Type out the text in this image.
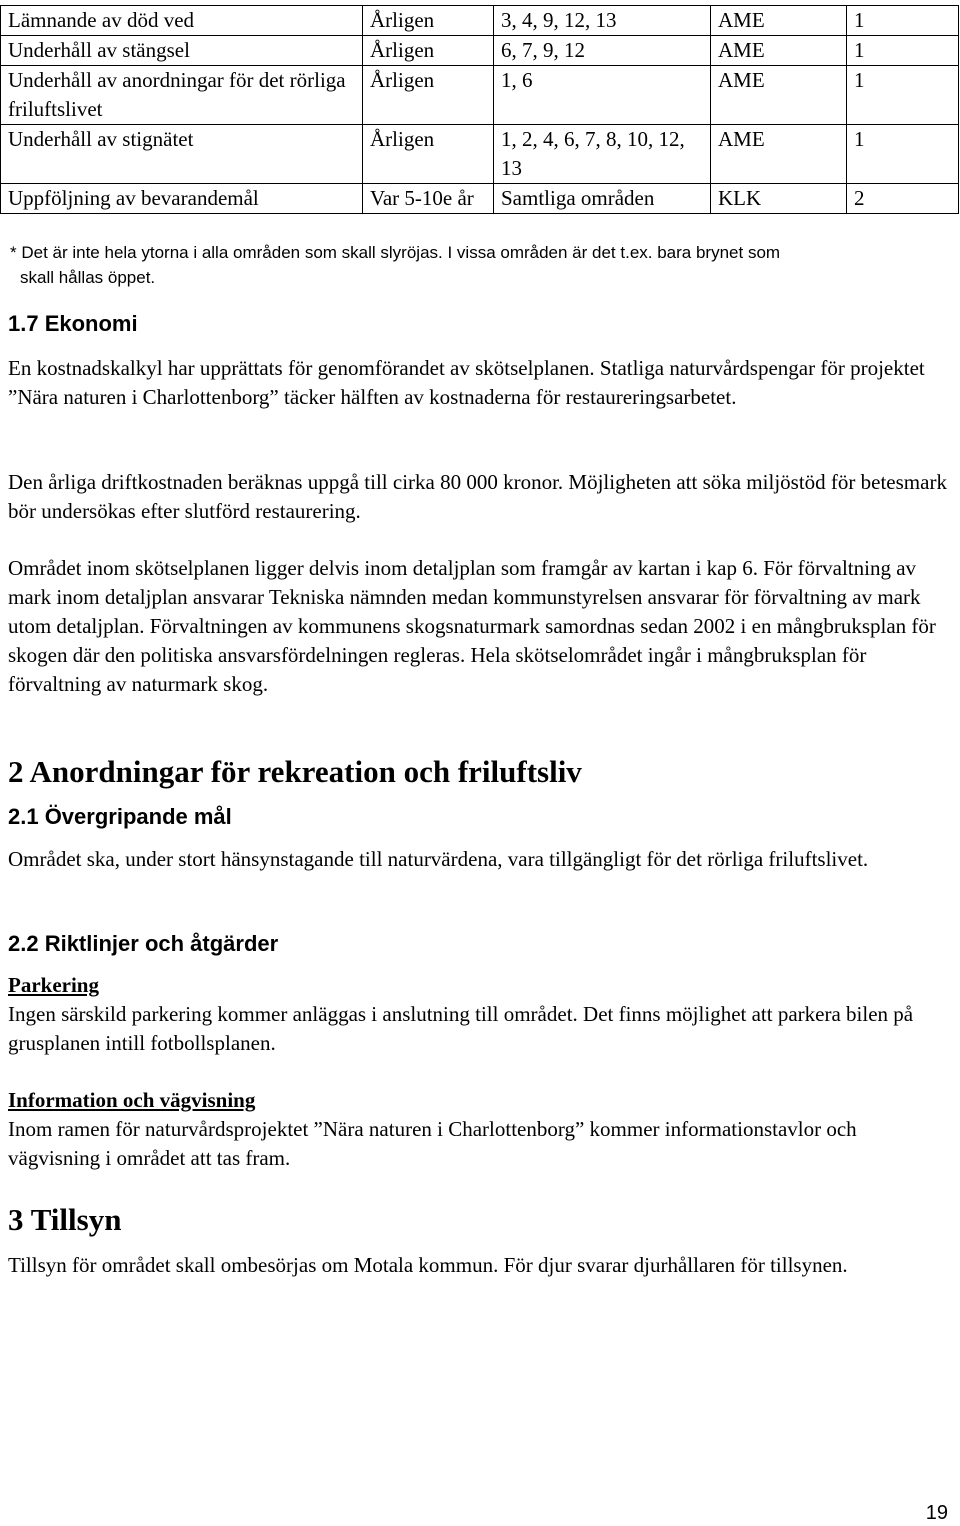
Lämnande av död ved	Årligen	3, 4, 9, 12, 13	AME	1
Underhåll av stängsel	Årligen	6, 7, 9, 12	AME	1
Underhåll av anordningar för det rörliga friluftslivet	Årligen	1, 6	AME	1
Underhåll av stignätet	Årligen	1, 2, 4, 6, 7, 8, 10, 12, 13	AME	1
Uppföljning av bevarandemål	Var 5-10e år	Samtliga områden	KLK	2
* Det är inte hela ytorna i alla områden som skall slyröjas. I vissa områden är det t.ex. bara brynet som
skall hållas öppet.
1.7 Ekonomi

En kostnadskalkyl har upprättats för genomförandet av skötselplanen. Statliga naturvårdspengar för projektet ”Nära naturen i Charlottenborg” täcker hälften av kostnaderna för restaureringsarbetet.

Den årliga driftkostnaden beräknas uppgå till cirka 80 000 kronor. Möjligheten att söka miljöstöd för betesmark bör undersökas efter slutförd restaurering.

Området inom skötselplanen ligger delvis inom detaljplan som framgår av kartan i kap 6. För förvaltning av mark inom detaljplan ansvarar Tekniska nämnden medan kommunstyrelsen ansvarar för förvaltning av mark utom detaljplan. Förvaltningen av kommunens skogsnaturmark samordnas sedan 2002 i en mångbruksplan för skogen där den politiska ansvarsfördelningen regleras. Hela skötselområdet ingår i mångbruksplan för förvaltning av naturmark skog.

2 Anordningar för rekreation och friluftsliv
2.1 Övergripande mål

Området ska, under stort hänsynstagande till naturvärdena, vara tillgängligt för det rörliga friluftslivet.

2.2 Riktlinjer och åtgärder

Parkering

Ingen särskild parkering kommer anläggas i anslutning till området. Det finns möjlighet att parkera bilen på grusplanen intill fotbollsplanen.

Information och vägvisning

Inom ramen för naturvårdsprojektet ”Nära naturen i Charlottenborg” kommer informationstavlor och vägvisning i området att tas fram.

3 Tillsyn

Tillsyn för området skall ombesörjas om Motala kommun. För djur svarar djurhållaren för tillsynen.

19
